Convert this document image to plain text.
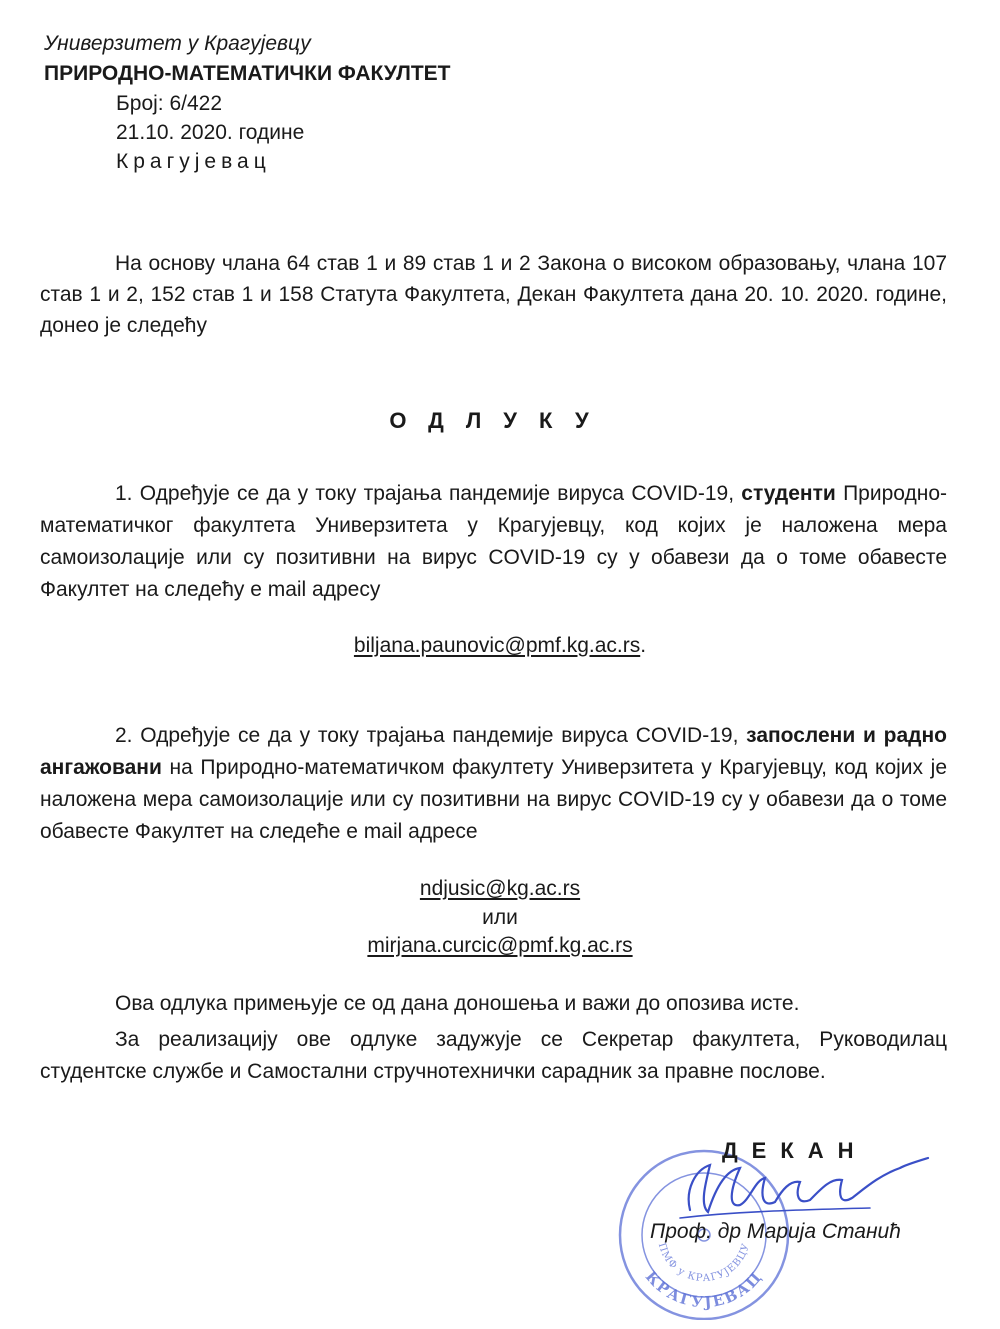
Универзитет у Крагујевцу
ПРИРОДНО-МАТЕМАТИЧКИ ФАКУЛТЕТ
Број: 6/422
21.10. 2020. године
Крагујевац

На основу члана 64 став 1 и 89 став 1 и 2 Закона о високом образовању, члана 107 став 1 и 2, 152 став 1 и 158 Статута Факултета, Декан Факултета дана 20. 10. 2020. године, донео је следећу

ОДЛУКУ

1. Одређује се да у току трајања пандемије вируса COVID-19, студенти Природно-математичког факултета Универзитета у Крагујевцу, код којих је наложена мера самоизолације или су позитивни на вирус COVID-19 су у обавези да о томе обавесте Факултет на следећу е mail адресу

biljana.paunovic@pmf.kg.ac.rs.

2. Одређује се да у току трајања пандемије вируса COVID-19, запослени и радно ангажовани на Природно-математичком факултету Универзитета у Крагујевцу, код којих је наложена мера самоизолације или су позитивни на вирус COVID-19 су у обавези да о томе обавесте Факултет на следеће е mail адресе

ndjusic@kg.ac.rs
или
mirjana.curcic@pmf.kg.ac.rs

Ова одлука примењује се од дана доношења и важи до опозива исте.

За реализацију ове одлуке задужује се Секретар факултета, Руководилац студентске службе и Самостални стручнотехнички сарадник за правне послове.

КРАГУЈЕВАЦ
ПМФ у КРАГУЈЕВЦУ
ДЕКАН
Проф. др Марија Станић
